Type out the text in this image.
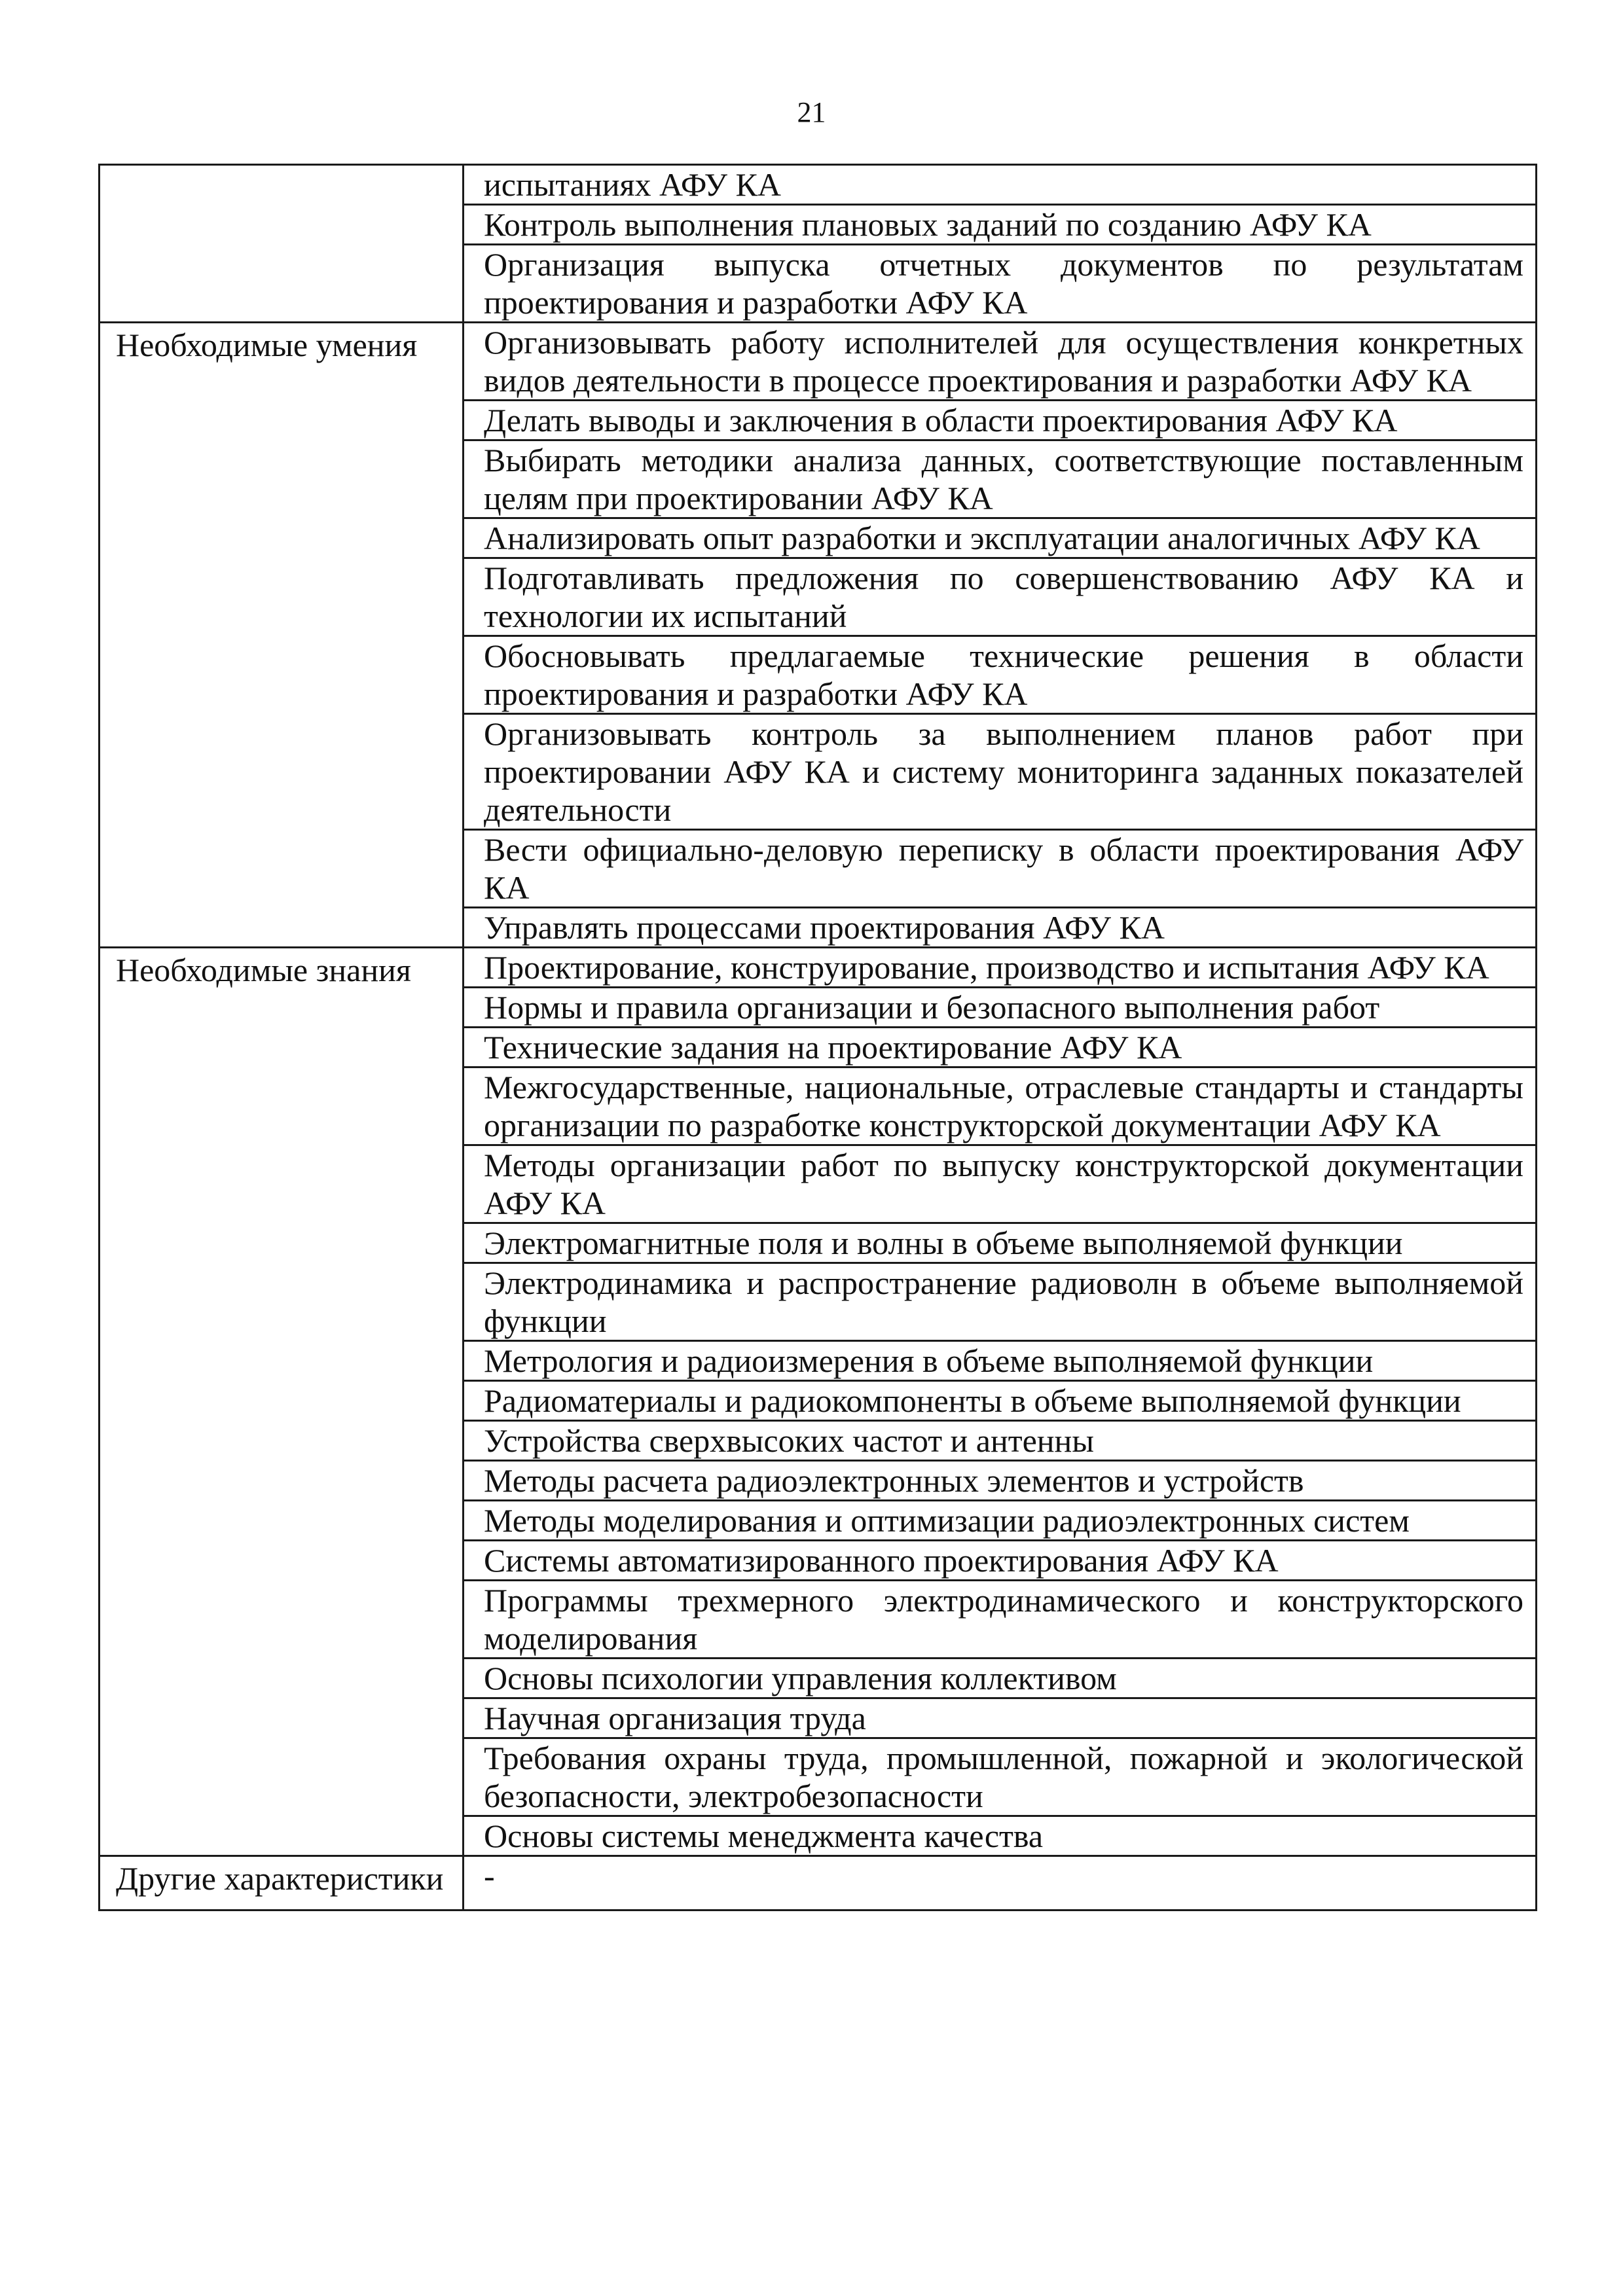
21
	испытаниях АФУ КА
	Контроль выполнения плановых заданий по созданию АФУ КА
	Организация выпуска отчетных документов по результатам проектирования и разработки АФУ КА
Необходимые умения	Организовывать работу исполнителей для осуществления конкретных видов деятельности в процессе проектирования и разработки АФУ КА
	Делать выводы и заключения в области проектирования АФУ КА
	Выбирать методики анализа данных, соответствующие поставленным целям при проектировании АФУ КА
	Анализировать опыт разработки и эксплуатации аналогичных АФУ КА
	Подготавливать предложения по совершенствованию АФУ КА и технологии их испытаний
	Обосновывать предлагаемые технические решения в области проектирования и разработки АФУ КА
	Организовывать контроль за выполнением планов работ при проектировании АФУ КА и систему мониторинга заданных показателей деятельности
	Вести официально-деловую переписку в области проектирования АФУ КА
	Управлять процессами проектирования АФУ КА
Необходимые знания	Проектирование, конструирование, производство и испытания АФУ КА
	Нормы и правила организации и безопасного выполнения работ
	Технические задания на проектирование АФУ КА
	Межгосударственные, национальные, отраслевые стандарты и стандарты организации по разработке конструкторской документации АФУ КА
	Методы организации работ по выпуску конструкторской документации АФУ КА
	Электромагнитные поля и волны в объеме выполняемой функции
	Электродинамика и распространение радиоволн в объеме выполняемой функции
	Метрология и радиоизмерения в объеме выполняемой функции
	Радиоматериалы и радиокомпоненты в объеме выполняемой функции
	Устройства сверхвысоких частот и антенны
	Методы расчета радиоэлектронных элементов и устройств
	Методы моделирования и оптимизации радиоэлектронных систем
	Системы автоматизированного проектирования АФУ КА
	Программы трехмерного электродинамического и конструкторского моделирования
	Основы психологии управления коллективом
	Научная организация труда
	Требования охраны труда, промышленной, пожарной и экологической безопасности, электробезопасности
	Основы системы менеджмента качества
Другие характеристики	-
